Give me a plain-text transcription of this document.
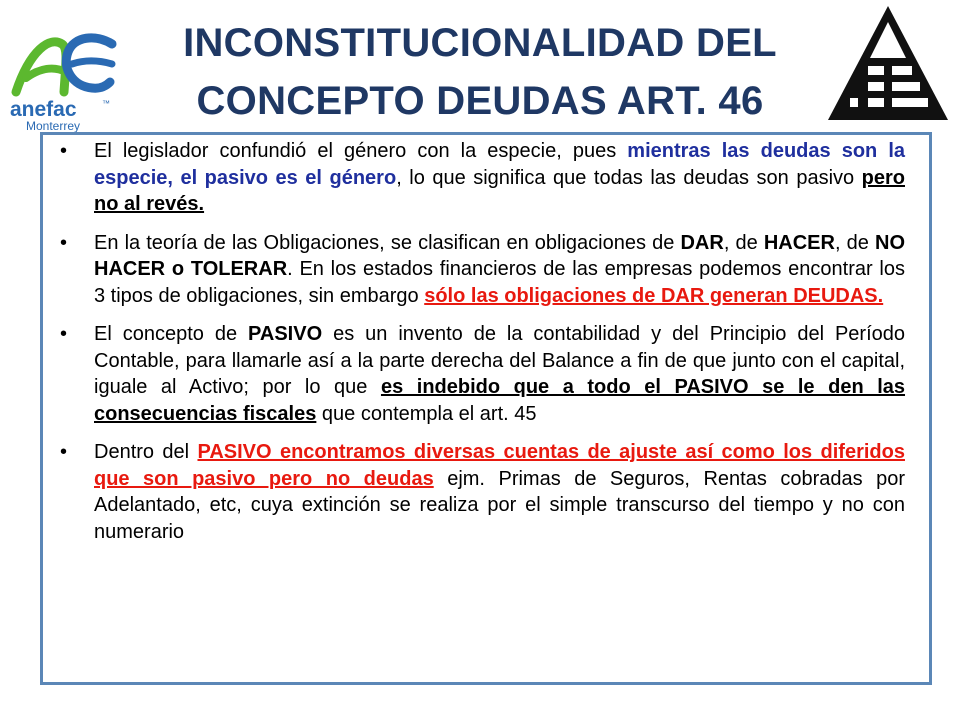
anefac	™
Monterrey
INCONSTITUCIONALIDAD DEL
CONCEPTO DEUDAS ART. 46
• El legislador confundió el género con la especie, pues mientras las deudas son la especie, el pasivo es el género, lo que significa que todas las deudas son pasivo pero no al revés.
• En la teoría de las Obligaciones, se clasifican en obligaciones de DAR, de HACER, de NO HACER o TOLERAR. En los estados financieros de las empresas podemos encontrar los 3 tipos de obligaciones, sin embargo sólo las obligaciones de DAR generan DEUDAS.
• El concepto de PASIVO es un invento de la contabilidad y del Principio del Período Contable, para llamarle así a la parte derecha del Balance a fin de que junto con el capital, iguale al Activo; por lo que es indebido que a todo el PASIVO se le den las consecuencias fiscales que contempla el art. 45
• Dentro del PASIVO encontramos diversas cuentas de ajuste así como los diferidos que son pasivo pero no deudas ejm. Primas de Seguros, Rentas cobradas por Adelantado, etc, cuya extinción se realiza por el simple transcurso del tiempo y no con numerario
